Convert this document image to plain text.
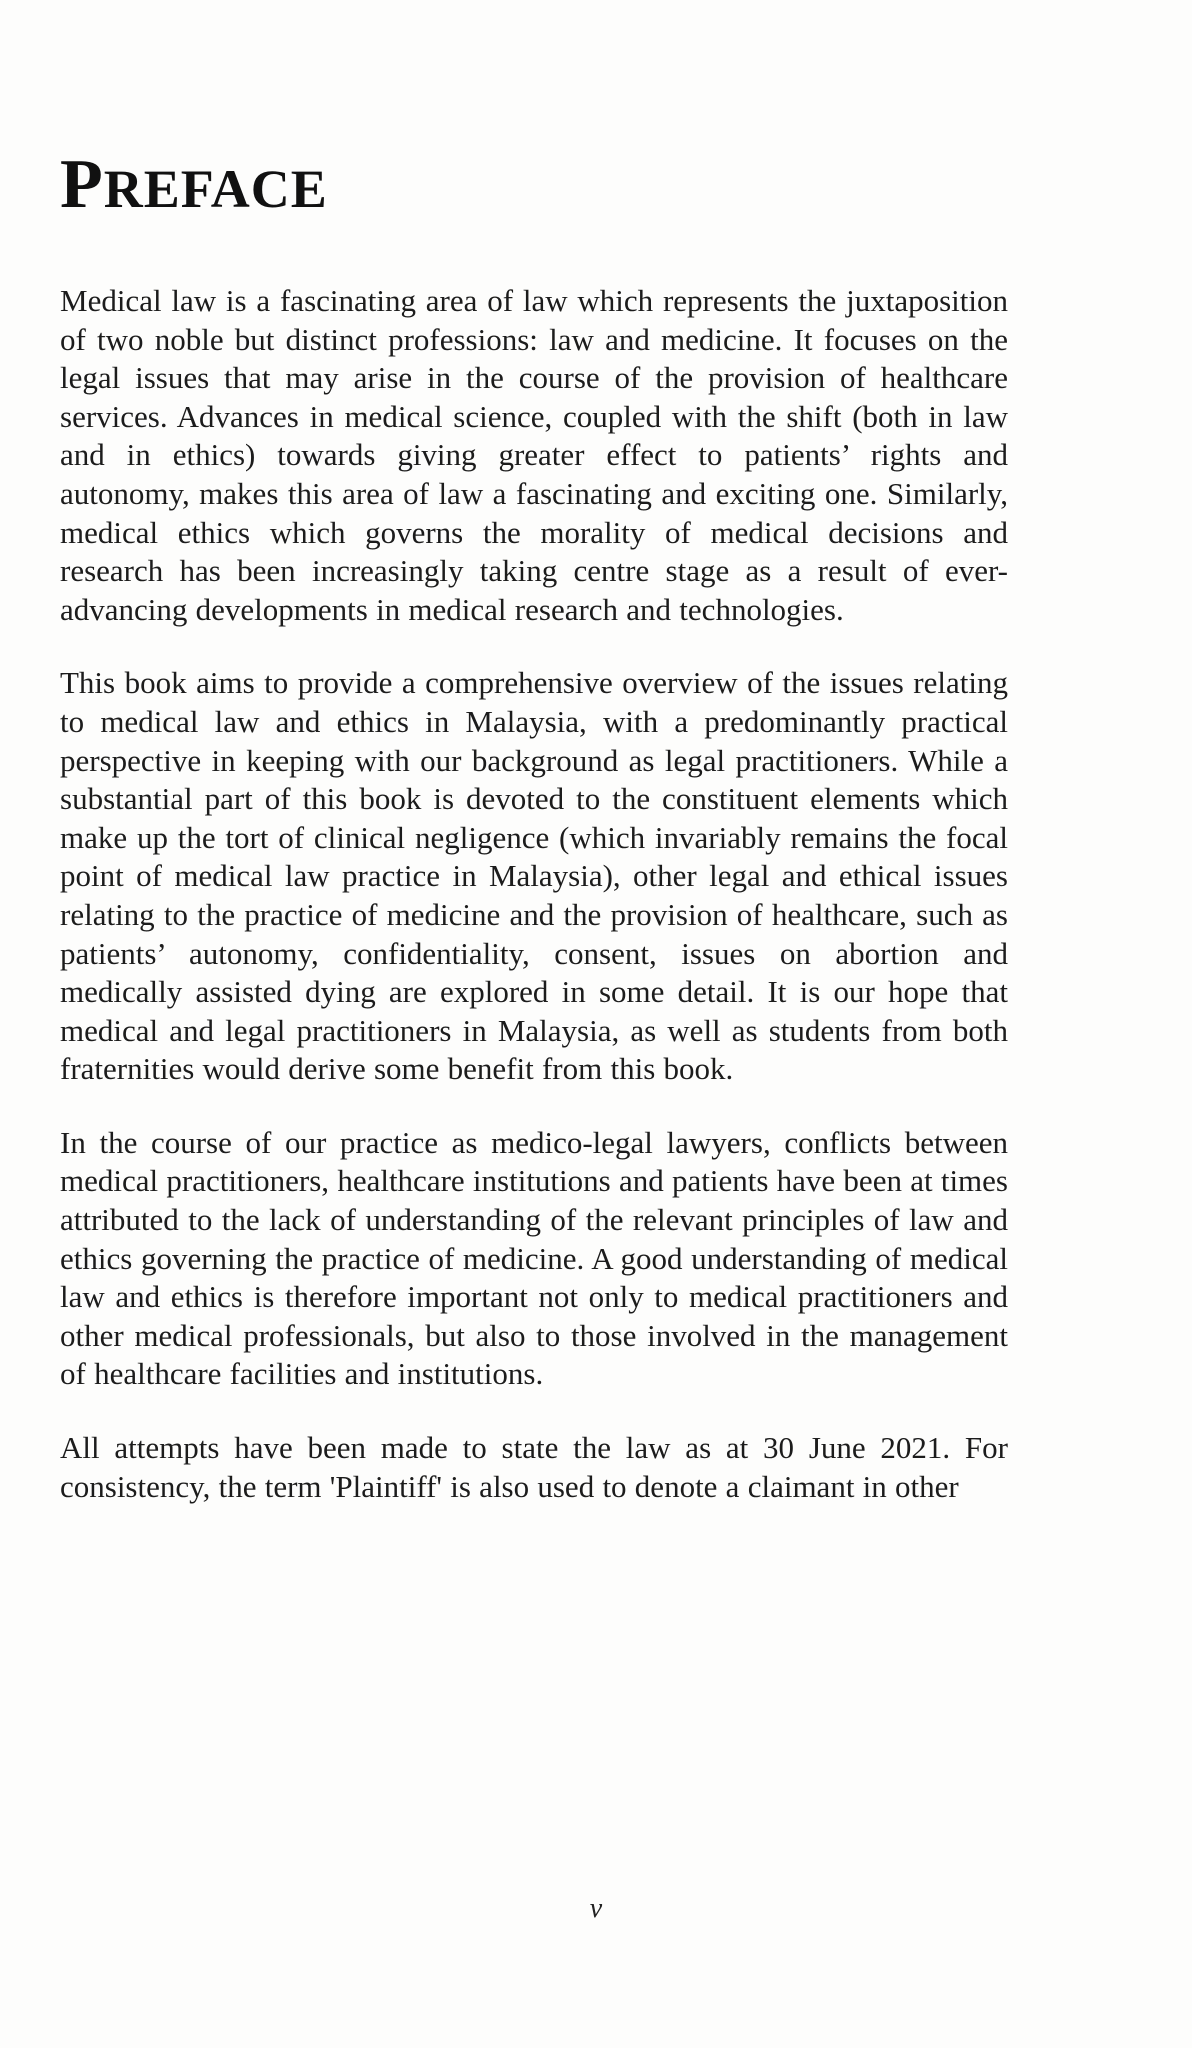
PREFACE

Medical law is a fascinating area of law which represents the juxtaposition of two noble but distinct professions: law and medicine. It focuses on the legal issues that may arise in the course of the provision of healthcare services. Advances in medical science, coupled with the shift (both in law and in ethics) towards giving greater effect to patients’ rights and autonomy, makes this area of law a fascinating and exciting one. Similarly, medical ethics which governs the morality of medical decisions and research has been increasingly taking centre stage as a result of ever-advancing developments in medical research and technologies.

This book aims to provide a comprehensive overview of the issues relating to medical law and ethics in Malaysia, with a predominantly practical perspective in keeping with our background as legal practitioners. While a substantial part of this book is devoted to the constituent elements which make up the tort of clinical negligence (which invariably remains the focal point of medical law practice in Malaysia), other legal and ethical issues relating to the practice of medicine and the provision of healthcare, such as patients’ autonomy, confidentiality, consent, issues on abortion and medically assisted dying are explored in some detail. It is our hope that medical and legal practitioners in Malaysia, as well as students from both fraternities would derive some benefit from this book.

In the course of our practice as medico-legal lawyers, conflicts between medical practitioners, healthcare institutions and patients have been at times attributed to the lack of understanding of the relevant principles of law and ethics governing the practice of medicine. A good understanding of medical law and ethics is therefore important not only to medical practitioners and other medical professionals, but also to those involved in the management of healthcare facilities and institutions.

All attempts have been made to state the law as at 30 June 2021. For consistency, the term 'Plaintiff' is also used to denote a claimant in other

v
